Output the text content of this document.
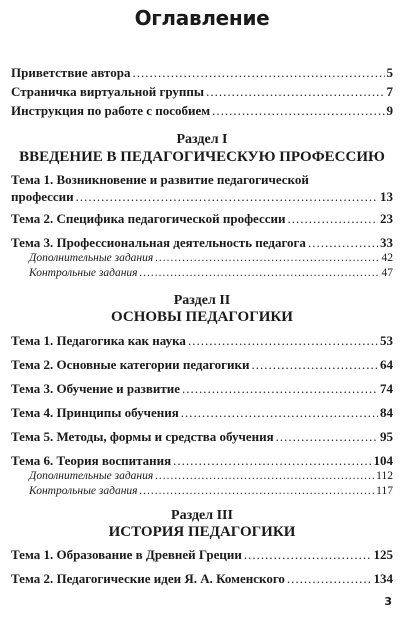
Оглавление
Приветствие автора .....	5
Страничка виртуальной группы .....	7
Инструкция по работе с пособием .....	9
Раздел I
ВВЕДЕНИЕ В ПЕДАГОГИЧЕСКУЮ ПРОФЕССИЮ
Тема 1. Возникновение и развитие педагогической
профессии .....	13
Тема 2. Специфика педагогической профессии .....	23
Тема 3. Профессиональная деятельность педагога .....	33
Дополнительные задания .....	42
Контрольные задания .....	47
Раздел II
ОСНОВЫ ПЕДАГОГИКИ
Тема 1. Педагогика как наука .....	53
Тема 2. Основные категории педагогики .....	64
Тема 3. Обучение и развитие .....	74
Тема 4. Принципы обучения .....	84
Тема 5. Методы, формы и средства обучения .....	95
Тема 6. Теория воспитания .....	104
Дополнительные задания .....	112
Контрольные задания .....	117
Раздел III
ИСТОРИЯ ПЕДАГОГИКИ
Тема 1. Образование в Древней Греции .....	125
Тема 2. Педагогические идеи Я. А. Коменского .....	134
3
